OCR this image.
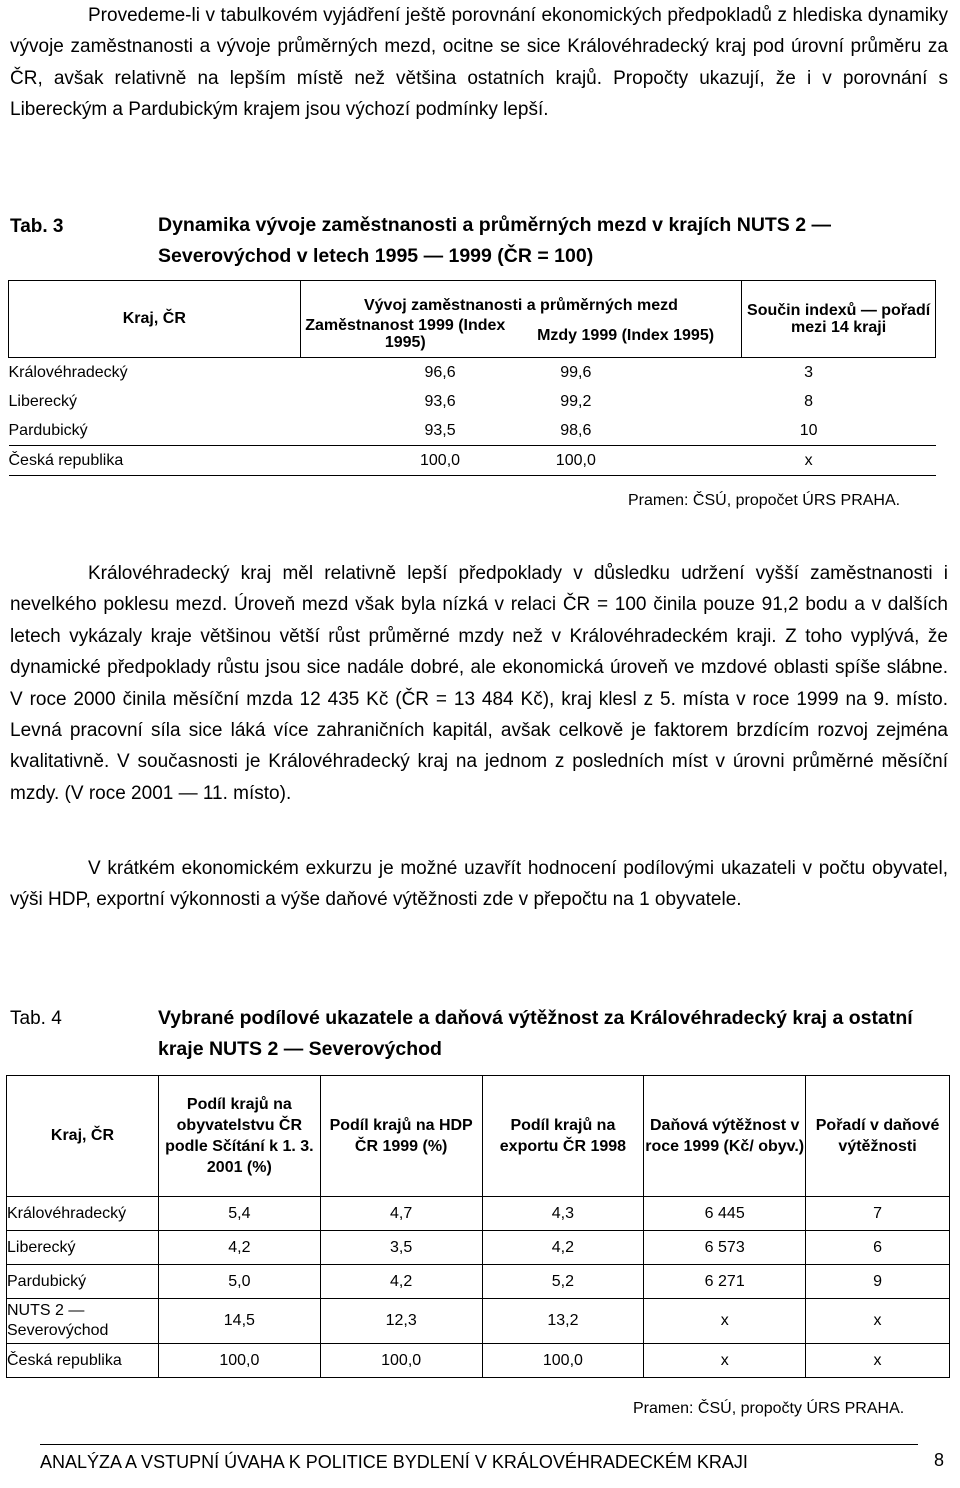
Provedeme-li v tabulkovém vyjádření ještě porovnání ekonomických předpokladů z hlediska dynamiky vývoje zaměstnanosti a vývoje průměrných mezd, ocitne se sice Královéhradecký kraj pod úrovní průměru za ČR, avšak relativně na lepším místě než většina ostatních krajů. Propočty ukazují, že i v porovnání s Libereckým a Pardubickým krajem jsou výchozí podmínky lepší.

Tab. 3	Dynamika vývoje zaměstnanosti a průměrných mezd v krajích NUTS 2 — Severovýchod v letech 1995 — 1999 (ČR = 100)
Kraj, ČR	Vývoj zaměstnanosti a průměrných mezd		Součin indexů — pořadí mezi 14 kraji
	Zaměstnanost 1999 (Index 1995)	Mzdy 1999 (Index 1995)	
Královéhradecký	96,6	99,6	3
Liberecký	93,6	99,2	8
Pardubický	93,5	98,6	10
Česká republika	100,0	100,0	x
Pramen: ČSÚ, propočet ÚRS PRAHA.

Královéhradecký kraj měl relativně lepší předpoklady v důsledku udržení vyšší zaměstnanosti i nevelkého poklesu mezd. Úroveň mezd však byla nízká v relaci ČR = 100 činila pouze 91,2 bodu a v dalších letech vykázaly kraje většinou větší růst průměrné mzdy než v Královéhradeckém kraji. Z toho vyplývá, že dynamické předpoklady růstu jsou sice nadále dobré, ale ekonomická úroveň ve mzdové oblasti spíše slábne. V roce 2000 činila měsíční mzda 12 435 Kč (ČR = 13 484 Kč), kraj klesl z 5. místa v roce 1999 na 9. místo. Levná pracovní síla sice láká více zahraničních kapitál, avšak celkově je faktorem brzdícím rozvoj zejména kvalitativně. V současnosti je Královéhradecký kraj na jednom z posledních míst v úrovni průměrné měsíční mzdy. (V roce 2001 — 11. místo).

V krátkém ekonomickém exkurzu je možné uzavřít hodnocení podílovými ukazateli v počtu obyvatel, výši HDP, exportní výkonnosti a výše daňové výtěžnosti zde v přepočtu na 1 obyvatele.

Tab. 4	Vybrané podílové ukazatele a daňová výtěžnost za Královéhradecký kraj a ostatní kraje NUTS 2 — Severovýchod
Kraj, ČR	Podíl krajů na obyvatelstvu ČR podle Sčítání k 1. 3. 2001 (%)	Podíl krajů na HDP ČR 1999 (%)	Podíl krajů na exportu ČR 1998	Daňová výtěžnost v roce 1999 (Kč/ obyv.)	Pořadí v daňové výtěžnosti
Královéhradecký	5,4	4,7	4,3	6 445	7
Liberecký	4,2	3,5	4,2	6 573	6
Pardubický	5,0	4,2	5,2	6 271	9
NUTS 2 — Severovýchod	14,5	12,3	13,2	x	x
Česká republika	100,0	100,0	100,0	x	x
Pramen: ČSÚ, propočty ÚRS PRAHA.
ANALÝZA A VSTUPNÍ ÚVAHA K POLITICE BYDLENÍ V KRÁLOVÉHRADECKÉM KRAJI	8
